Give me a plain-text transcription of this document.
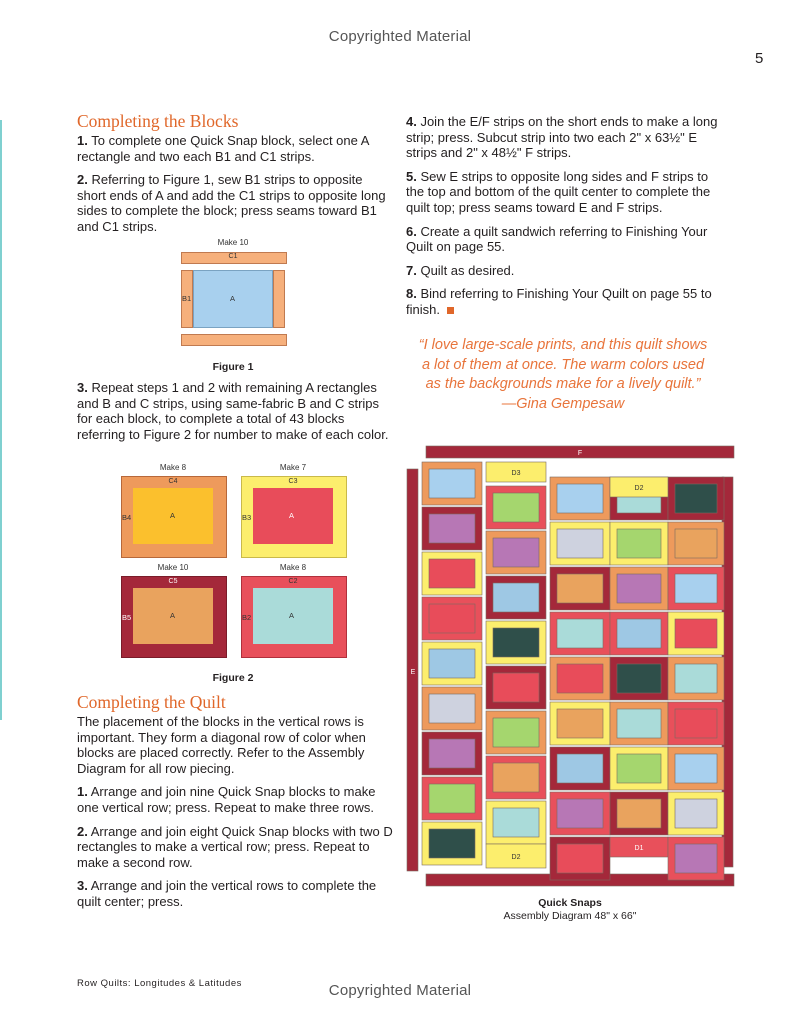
Copyrighted Material
5
Completing the Blocks

1. To complete one Quick Snap block, select one A rectangle and two each B1 and C1 strips.

2. Referring to Figure 1, sew B1 strips to opposite short ends of A and add the C1 strips to opposite long sides to complete the block; press seams toward B1 and C1 strips.

Make 10
C1
B1	A
Figure 1

3. Repeat steps 1 and 2 with remaining A rectangles and B and C strips, using same-fabric B and C strips for each block, to complete a total of 43 blocks referring to Figure 2 for number to make of each color.

Make 8
C4
B4	A
Make 7
C3
B3	A
Make 10
C5
B5	A
Make 8
C2
B2	A
Figure 2
Completing the Quilt

The placement of the blocks in the vertical rows is important. They form a diagonal row of color when blocks are placed correctly. Refer to the Assembly Diagram for all row piecing.

1. Arrange and join nine Quick Snap blocks to make one vertical row; press. Repeat to make three rows.

2. Arrange and join eight Quick Snap blocks with two D rectangles to make a vertical row; press. Repeat to make a second row.

3. Arrange and join the vertical rows to complete the quilt center; press.

4. Join the E/F strips on the short ends to make a long strip; press. Subcut strip into two each 2" x 63½" E strips and 2" x 48½" F strips.

5. Sew E strips to opposite long sides and F strips to the top and bottom of the quilt center to complete the quilt top; press seams toward E and F strips.

6. Create a quilt sandwich referring to Finishing Your Quilt on page 55.

7. Quilt as desired.

8. Bind referring to Finishing Your Quilt on page 55 to finish.

“I love large-scale prints, and this quilt shows a lot of them at once. The warm colors used as the backgrounds make for a lively quilt.” —Gina Gempesaw
F
E
D3
D1
D2
D2
Quick Snaps
Assembly Diagram 48" x 66"
Row Quilts: Longitudes & Latitudes	Copyrighted Material
